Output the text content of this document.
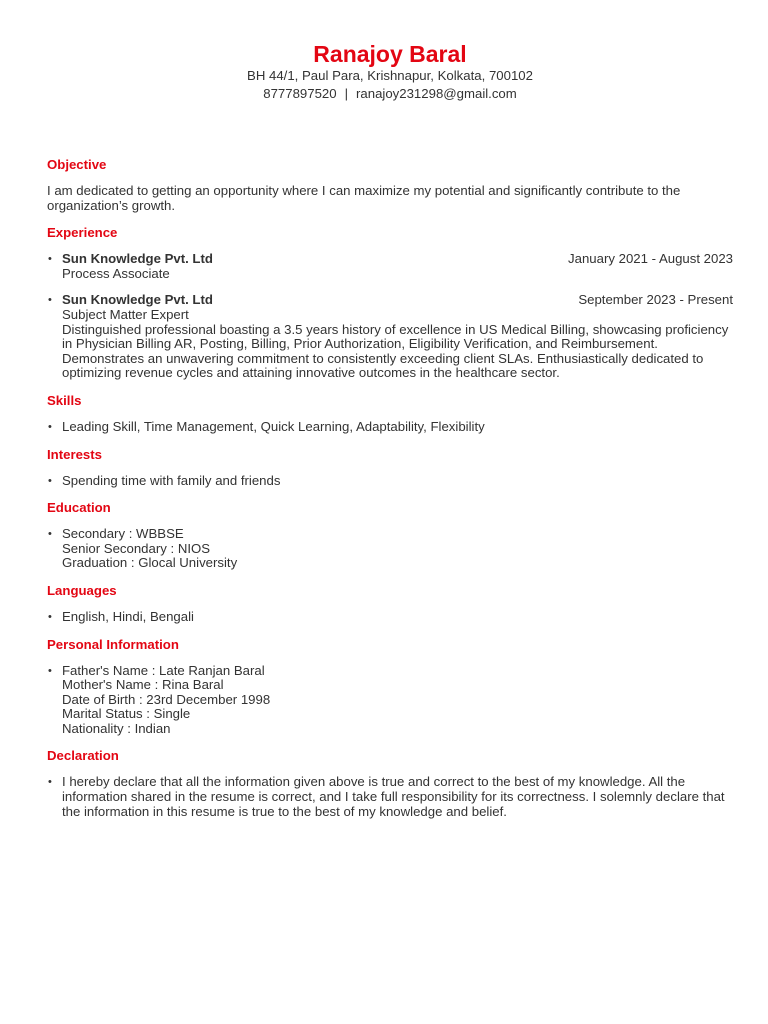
Ranajoy Baral
BH 44/1, Paul Para, Krishnapur, Kolkata, 700102
8777897520 | ranajoy231298@gmail.com
Objective

I am dedicated to getting an opportunity where I can maximize my potential and significantly contribute to the organization’s growth.

Experience
• Sun Knowledge Pvt. Ltd	January 2021 - August 2023
Process Associate
• Sun Knowledge Pvt. Ltd	September 2023 - Present
Subject Matter Expert
Distinguished professional boasting a 3.5 years history of excellence in US Medical Billing, showcasing proficiency in Physician Billing AR, Posting, Billing, Prior Authorization, Eligibility Verification, and Reimbursement. Demonstrates an unwavering commitment to consistently exceeding client SLAs. Enthusiastically dedicated to optimizing revenue cycles and attaining innovative outcomes in the healthcare sector.
Skills
• Leading Skill, Time Management, Quick Learning, Adaptability, Flexibility
Interests
• Spending time with family and friends
Education
• Secondary : WBBSE
Senior Secondary : NIOS
Graduation : Glocal University
Languages
• English, Hindi, Bengali
Personal Information
• Father's Name : Late Ranjan Baral
Mother's Name : Rina Baral
Date of Birth : 23rd December 1998
Marital Status : Single
Nationality : Indian
Declaration
• I hereby declare that all the information given above is true and correct to the best of my knowledge. All the information shared in the resume is correct, and I take full responsibility for its correctness. I solemnly declare that the information in this resume is true to the best of my knowledge and belief.
